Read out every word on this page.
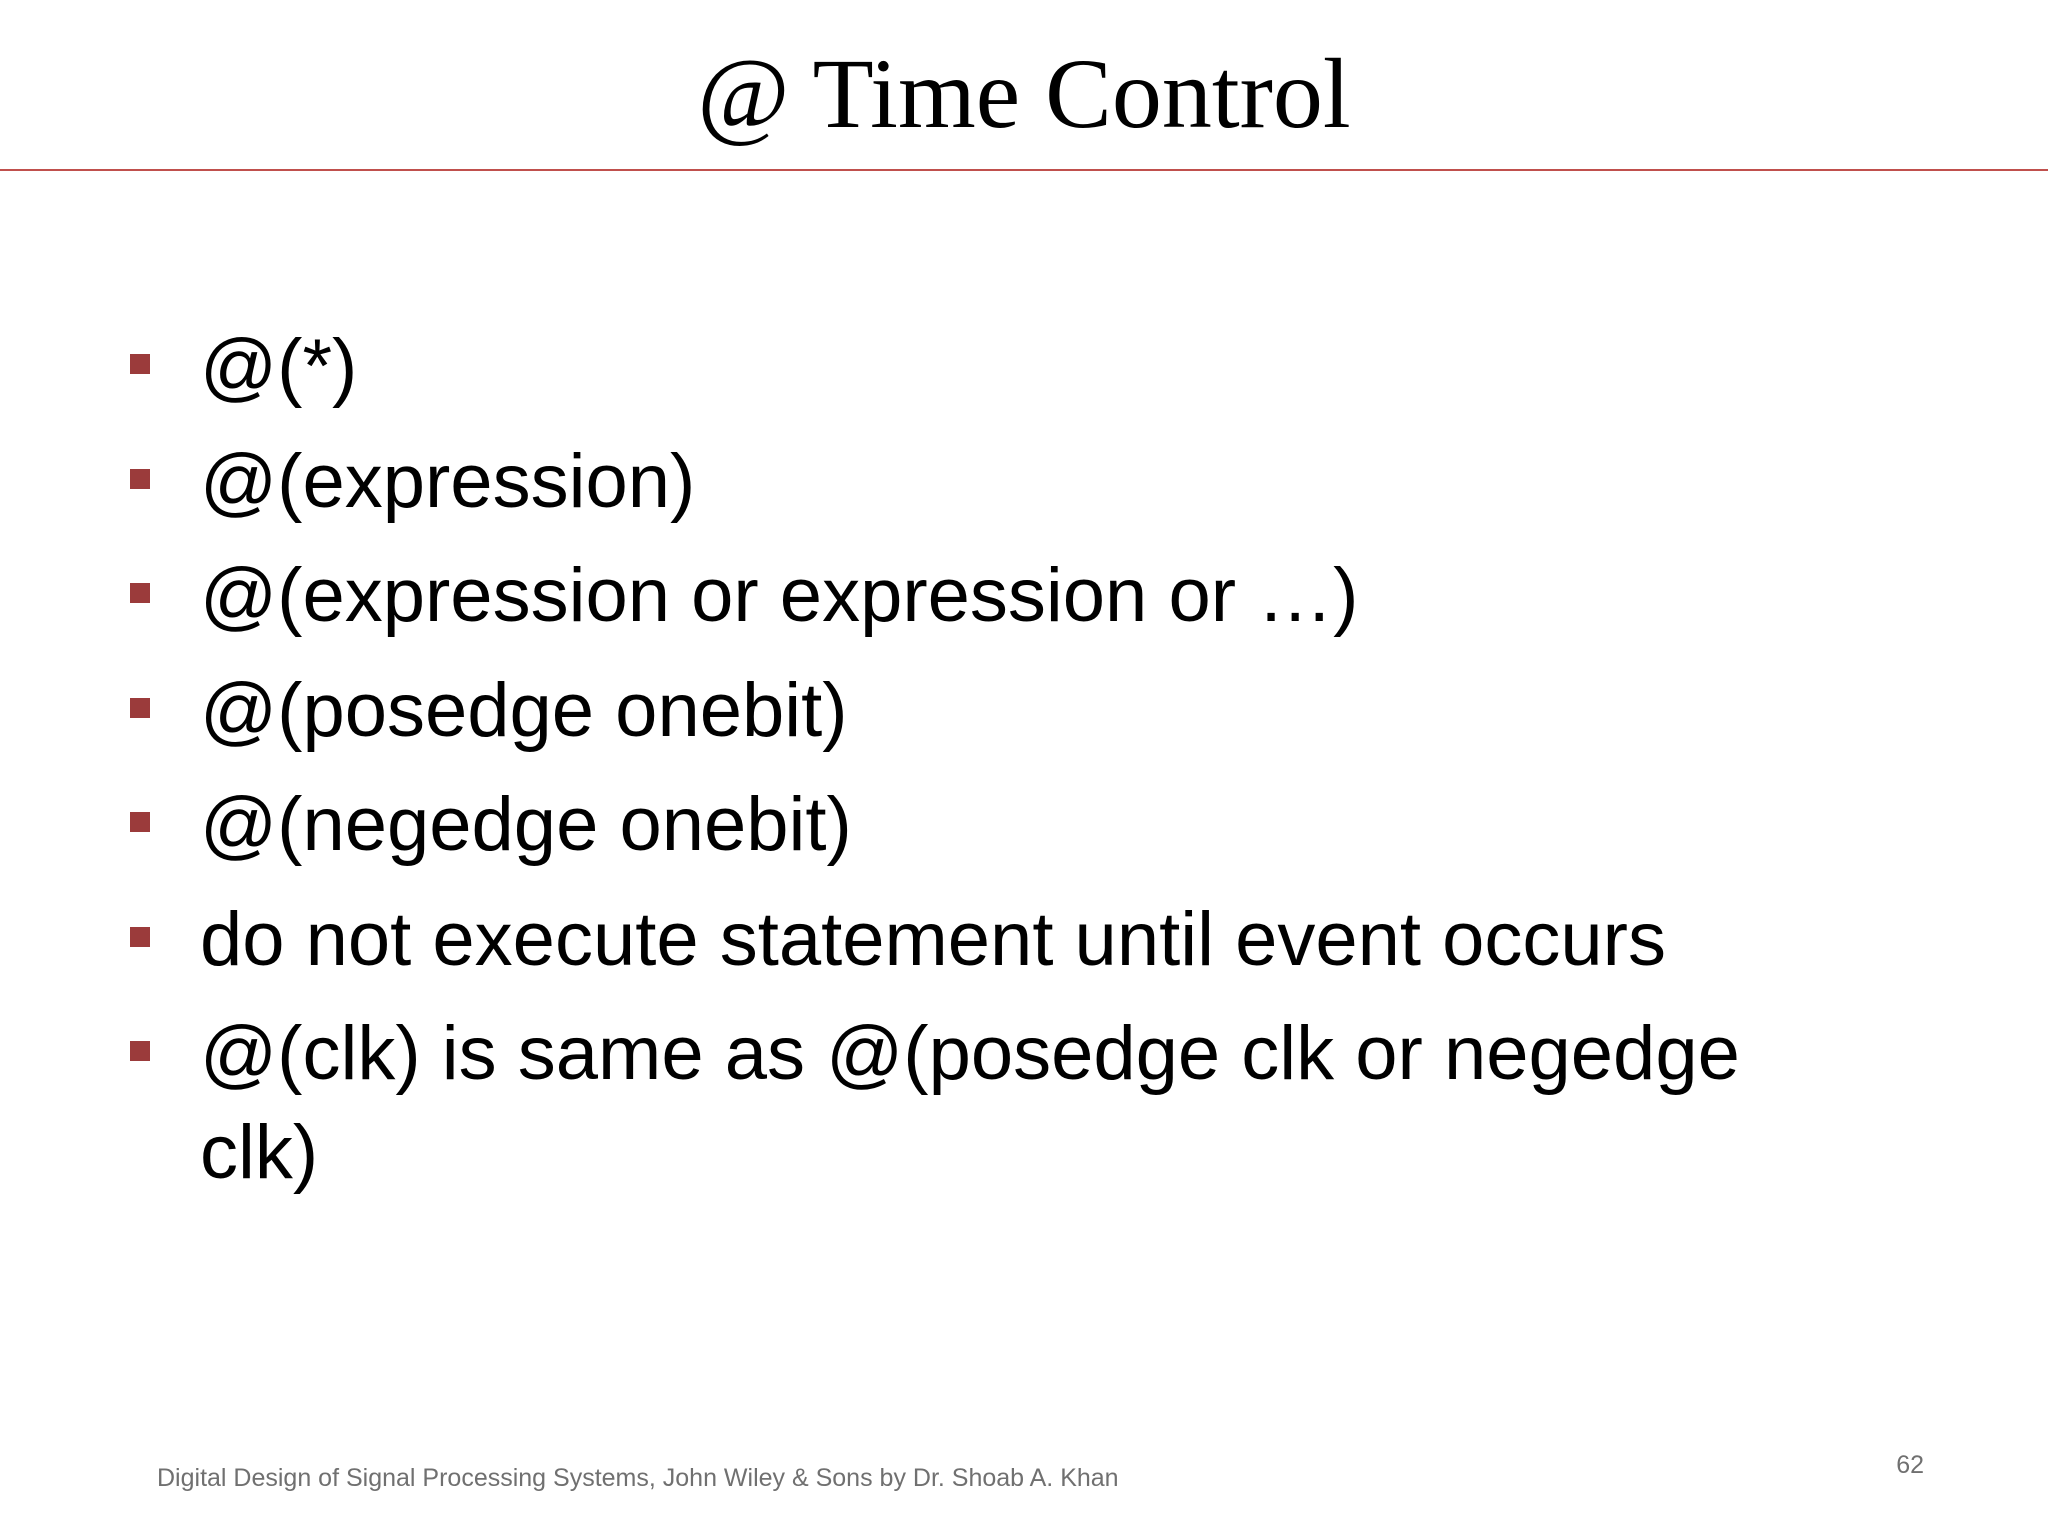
@ Time Control
@(*)
@(expression)
@(expression or expression or …)
@(posedge onebit)
@(negedge onebit)
do not execute statement until event occurs
@(clk) is same as @(posedge clk or negedge clk)
Digital Design of Signal Processing Systems, John Wiley & Sons by Dr. Shoab A. Khan	62
